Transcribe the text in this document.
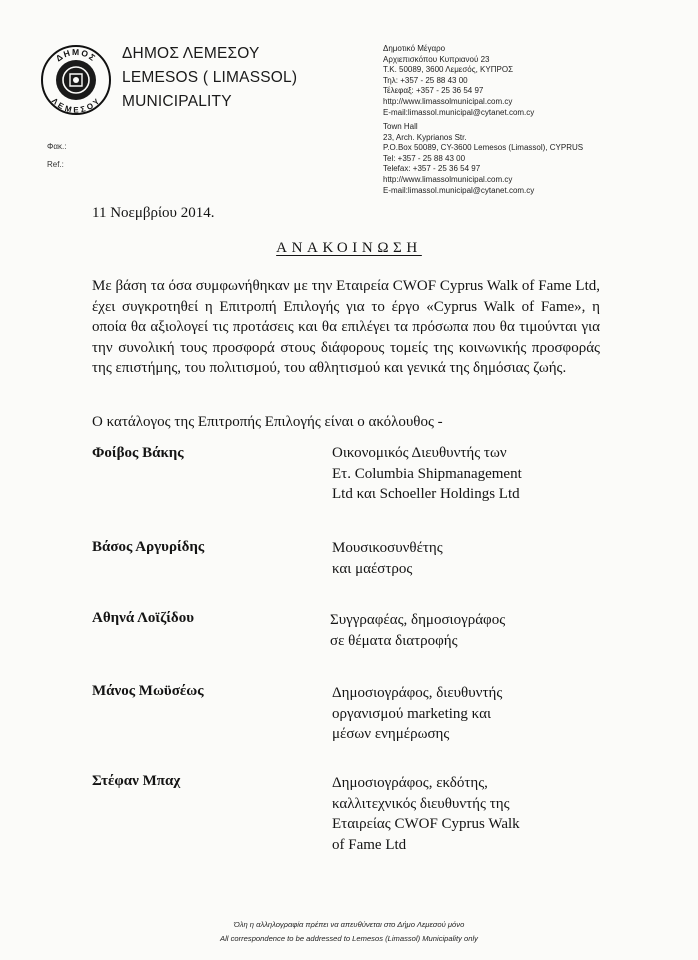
ΔΗΜΟΣ
ΛΕΜΕΣΟΥ
ΔΗΜΟΣ ΛΕΜΕΣΟΥ
LEMESOS ( LIMASSOL)
MUNICIPALITY
Δημοτικό Μέγαρο
Αρχιεπισκόπου Κυπριανού 23
Τ.Κ. 50089, 3600 Λεμεσός, ΚΥΠΡΟΣ
Τηλ: +357 - 25 88 43 00
Τέλεφαξ: +357 - 25 36 54 97
http://www.limassolmunicipal.com.cy
E-mail:limassol.municipal@cytanet.com.cy
Town Hall
23, Arch. Kyprianos Str.
P.O.Box 50089, CY-3600 Lemesos (Limassol), CYPRUS
Tel: +357 - 25 88 43 00
Telefax: +357 - 25 36 54 97
http://www.limassolmunicipal.com.cy
E-mail:limassol.municipal@cytanet.com.cy
Φακ.:
Ref.:
11 Νοεμβρίου 2014.
ΑΝΑΚΟΙΝΩΣΗ
Με βάση τα όσα συμφωνήθηκαν με την Εταιρεία CWOF Cyprus Walk of Fame Ltd, έχει συγκροτηθεί η Επιτροπή Επιλογής για το έργο «Cyprus Walk of Fame», η οποία θα αξιολογεί τις προτάσεις και θα επιλέγει τα πρόσωπα που θα τιμούνται για την συνολική τους προσφορά στους διάφορους τομείς της κοινωνικής προσφοράς της επιστήμης, του πολιτισμού, του αθλητισμού και γενικά της δημόσιας ζωής.
Ο κατάλογος της Επιτροπής Επιλογής είναι ο ακόλουθος -
Φοίβος Βάκης	Οικονομικός Διευθυντής των
Ετ. Columbia Shipmanagement
Ltd και Schoeller Holdings Ltd
Βάσος Αργυρίδης	Μουσικοσυνθέτης
και μαέστρος
Αθηνά Λοϊζίδου	Συγγραφέας, δημοσιογράφος
σε θέματα διατροφής
Μάνος Μωϋσέως	Δημοσιογράφος, διευθυντής
οργανισμού marketing και
μέσων ενημέρωσης
Στέφαν Μπαχ	Δημοσιογράφος, εκδότης,
καλλιτεχνικός διευθυντής της
Εταιρείας CWOF Cyprus Walk
of Fame Ltd
Όλη η αλληλογραφία πρέπει να απευθύνεται στο Δήμο Λεμεσού μόνο
All correspondence to be addressed to Lemesos (Limassol) Municipality only
